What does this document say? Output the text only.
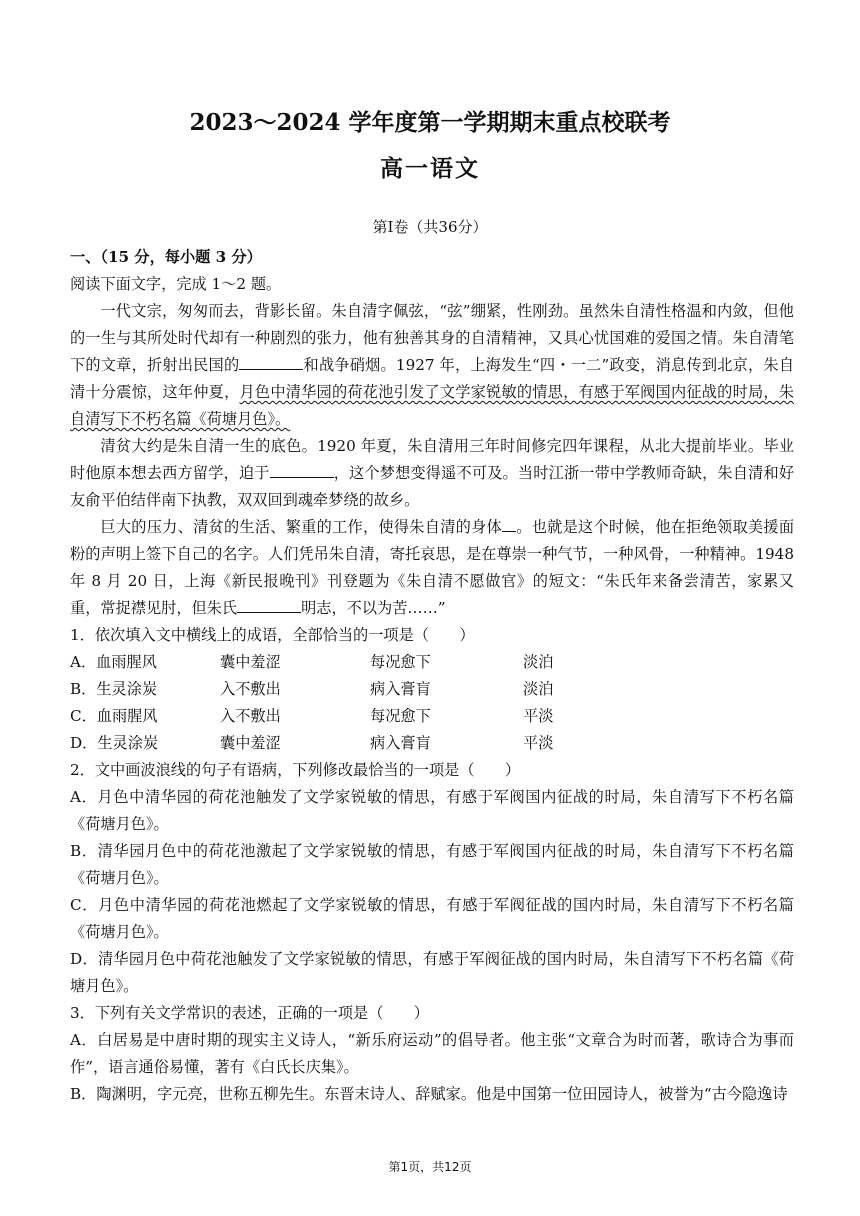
2023～2024 学年度第一学期期末重点校联考
高一语文
第Ⅰ卷（共36分）

一、（15 分，每小题 3 分）

阅读下面文字，完成 1～2 题。

一代文宗，匆匆而去，背影长留。朱自清字佩弦，“弦”绷紧，性刚劲。虽然朱自清性格温和内敛，但他的一生与其所处时代却有一种剧烈的张力，他有独善其身的自清精神，又具心忧国难的爱国之情。朱自清笔下的文章，折射出民国的	和战争硝烟。1927 年，上海发生“四・一二”政变，消息传到北京，朱自清十分震惊，这年仲夏，月色中清华园的荷花池引发了文学家锐敏的情思，有感于军阀国内征战的时局，朱自清写下不朽名篇《荷塘月色》。

清贫大约是朱自清一生的底色。1920 年夏，朱自清用三年时间修完四年课程，从北大提前毕业。毕业时他原本想去西方留学，迫于	，这个梦想变得遥不可及。当时江浙一带中学教师奇缺，朱自清和好友俞平伯结伴南下执教，双双回到魂牵梦绕的故乡。

巨大的压力、清贫的生活、繁重的工作，使得朱自清的身体 。也就是这个时候，他在拒绝领取美援面粉的声明上签下自己的名字。人们凭吊朱自清，寄托哀思，是在尊崇一种气节，一种风骨，一种精神。1948 年 8 月 20 日，上海《新民报晚刊》刊登题为《朱自清不愿做官》的短文：“朱氏年来备尝清苦，家累又重，常捉襟见肘，但朱氏	明志，不以为苦……”

1．依次填入文中横线上的成语，全部恰当的一项是（　　）

A．血雨腥风	囊中羞涩	每况愈下	淡泊
B．生灵涂炭	入不敷出	病入膏肓	淡泊
C．血雨腥风	入不敷出	每况愈下	平淡
D．生灵涂炭	囊中羞涩	病入膏肓	平淡

2．文中画波浪线的句子有语病，下列修改最恰当的一项是（　　）

A．月色中清华园的荷花池触发了文学家锐敏的情思，有感于军阀国内征战的时局，朱自清写下不朽名篇《荷塘月色》。

B．清华园月色中的荷花池激起了文学家锐敏的情思，有感于军阀国内征战的时局，朱自清写下不朽名篇《荷塘月色》。

C．月色中清华园的荷花池燃起了文学家锐敏的情思，有感于军阀征战的国内时局，朱自清写下不朽名篇《荷塘月色》。

D．清华园月色中荷花池触发了文学家锐敏的情思，有感于军阀征战的国内时局，朱自清写下不朽名篇《荷塘月色》。

3．下列有关文学常识的表述，正确的一项是（　　）

A．白居易是中唐时期的现实主义诗人，“新乐府运动”的倡导者。他主张“文章合为时而著，歌诗合为事而作”，语言通俗易懂，著有《白氏长庆集》。

B．陶渊明，字元亮，世称五柳先生。东晋末诗人、辞赋家。他是中国第一位田园诗人，被誉为“古今隐逸诗

第1页，共12页
